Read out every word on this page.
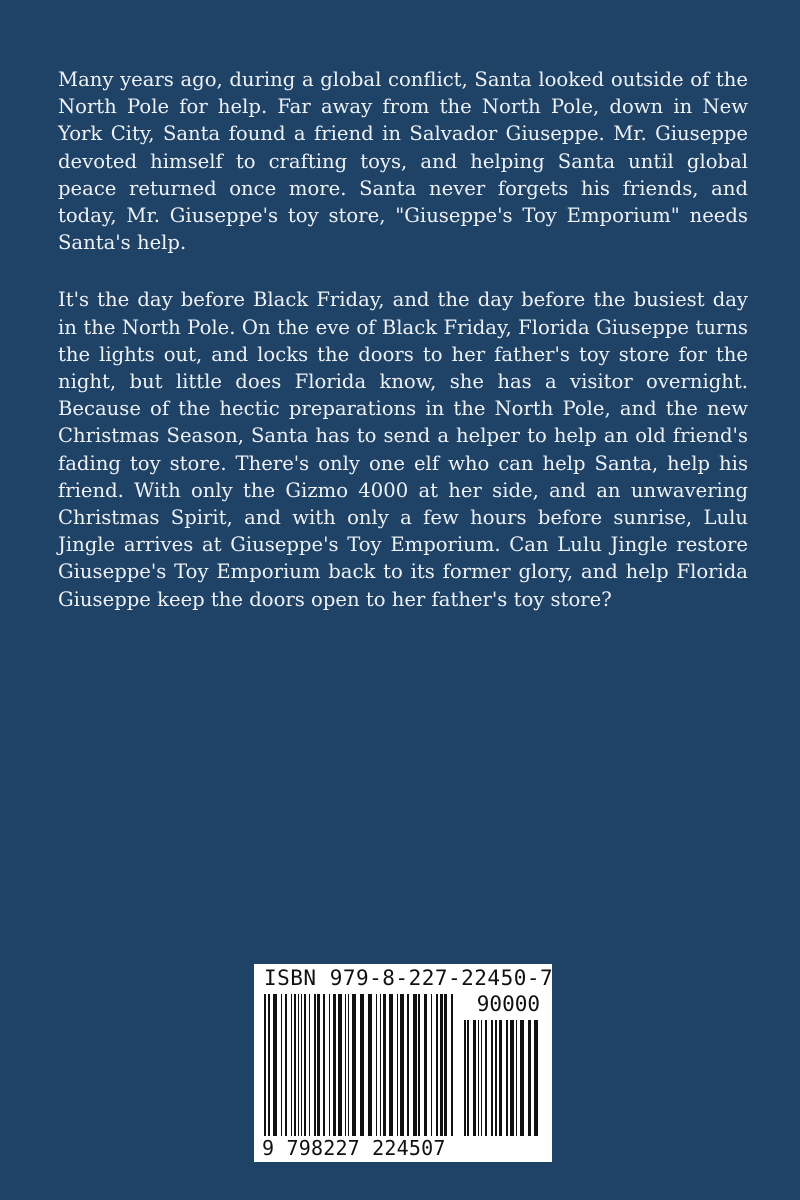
Many years ago, during a global conflict, Santa looked outside of the North Pole for help. Far away from the North Pole, down in New York City, Santa found a friend in Salvador Giuseppe. Mr. Giuseppe devoted himself to crafting toys, and helping Santa until global peace returned once more. Santa never forgets his friends, and today, Mr. Giuseppe's toy store, "Giuseppe's Toy Emporium" needs Santa's help.

It's the day before Black Friday, and the day before the busiest day in the North Pole. On the eve of Black Friday, Florida Giuseppe turns the lights out, and locks the doors to her father's toy store for the night, but little does Florida know, she has a visitor overnight. Because of the hectic preparations in the North Pole, and the new Christmas Season, Santa has to send a helper to help an old friend's fading toy store. There's only one elf who can help Santa, help his friend. With only the Gizmo 4000 at her side, and an unwavering Christmas Spirit, and with only a few hours before sunrise, Lulu Jingle arrives at Giuseppe's Toy Emporium. Can Lulu Jingle restore Giuseppe's Toy Emporium back to its former glory, and help Florida Giuseppe keep the doors open to her father's toy store?

ISBN 979-8-227-22450-7
90000
9 798227 224507
